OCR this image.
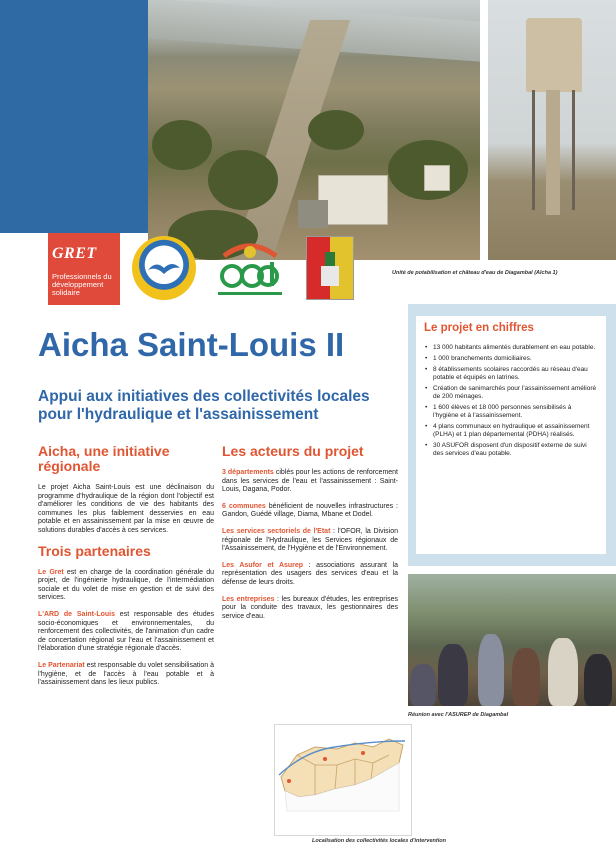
GRET
Professionnels du développement solidaire
Unité de potabilisation et château d'eau de Diagambal (Aïcha 1)
Aicha Saint-Louis II
Appui aux initiatives des collectivités locales pour l'hydraulique et l'assainissement
Le projet en chiffres
• 13 000 habitants alimentés durablement en eau potable.
• 1 000 branchements domiciliaires.
• 8 établissements scolaires raccordés au réseau d'eau potable et équipés en latrines.
• Création de sanimarchés pour l'assainissement amélioré de 200 ménages.
• 1 600 élèves et 18 000 personnes sensibilisés à l'hygiène et à l'assainissement.
• 4 plans communaux en hydraulique et assainissement (PLHA) et 1 plan départemental (PDHA) réalisés.
• 30 ASUFOR disposent d'un dispositif externe de suivi des services d'eau potable.
Aicha, une initiative régionale

Le projet Aicha Saint-Louis est une déclinaison du programme d'hydraulique de la région dont l'objectif est d'améliorer les conditions de vie des habitants des communes les plus faiblement desservies en eau potable et en assainissement par la mise en œuvre de solutions durables d'accès à ces services.

Trois partenaires

Le Gret est en charge de la coordination générale du projet, de l'ingénierie hydraulique, de l'intermédiation sociale et du volet de mise en gestion et de suivi des services.

L'ARD de Saint-Louis est responsable des études socio-économiques et environnementales, du renforcement des collectivités, de l'animation d'un cadre de concertation régional sur l'eau et l'assainissement et l'élaboration d'une stratégie régionale d'accès.

Le Partenariat est responsable du volet sensibilisation à l'hygiène, et de l'accès à l'eau potable et à l'assainissement dans les lieux publics.

Les acteurs du projet

3 départements ciblés pour les actions de renforcement dans les services de l'eau et l'assainissement : Saint-Louis, Dagana, Podor.

6 communes bénéficient de nouvelles infrastructures : Gandon, Guédé village, Diama, Mbane et Dodel.

Les services sectoriels de l'Etat : l'OFOR, la Division régionale de l'Hydraulique, les Services régionaux de l'Assainissement, de l'Hygiène et de l'Environnement.

Les Asufor et Asurep : associations assurant la représentation des usagers des services d'eau et la défense de leurs droits.

Les entreprises : les bureaux d'études, les entreprises pour la conduite des travaux, les gestionnaires des service d'eau.

Réunion avec l'ASUREP de Diagambal
Localisation des collectivités locales d'intervention
